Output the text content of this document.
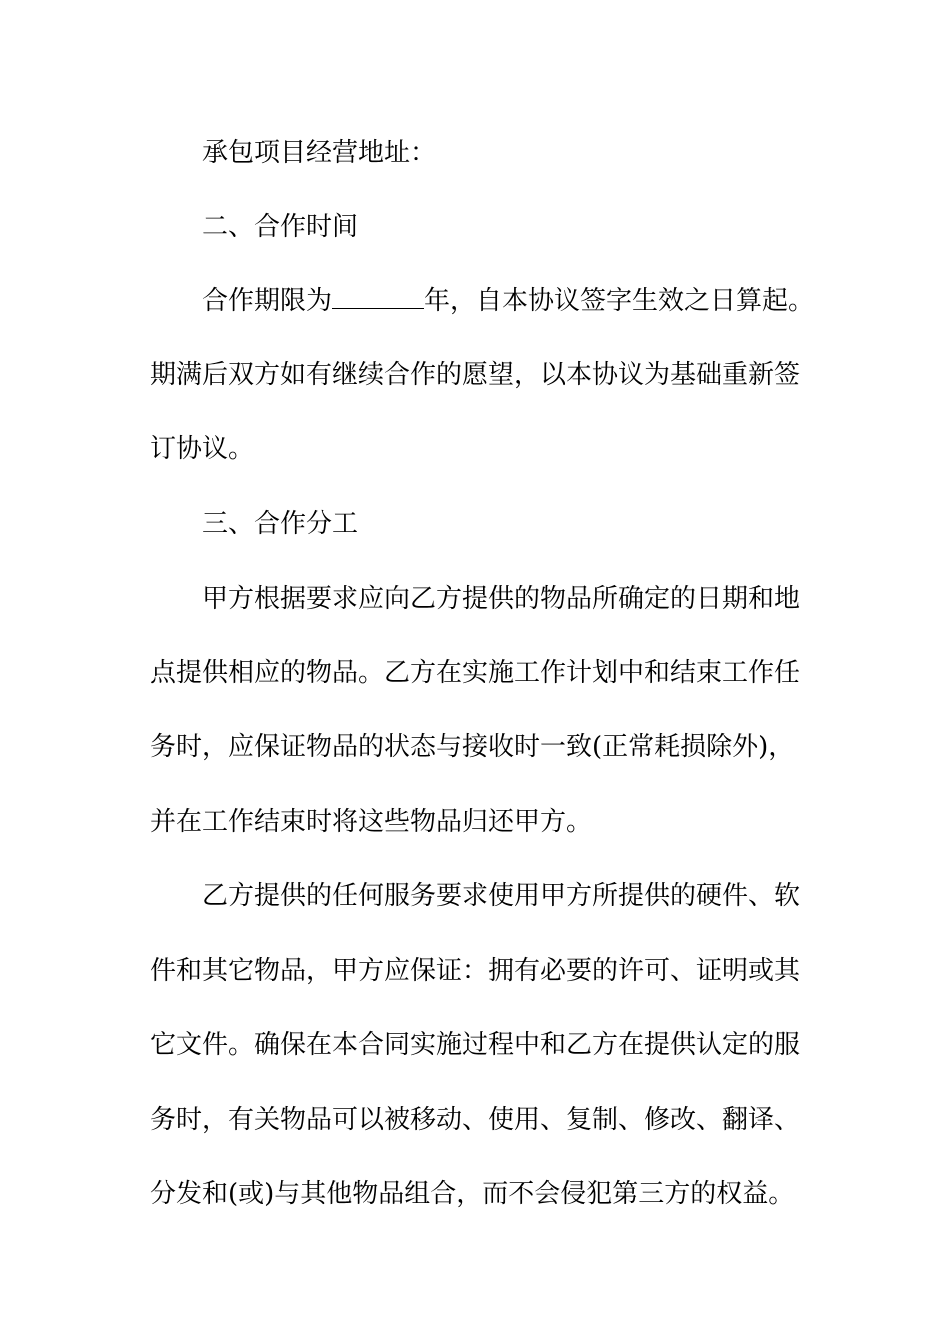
承包项目经营地址：

二、合作时间

合作期限为	年，自本协议签字生效之日算起。

期满后双方如有继续合作的愿望，以本协议为基础重新签

订协议。

三、合作分工

甲方根据要求应向乙方提供的物品所确定的日期和地

点提供相应的物品。乙方在实施工作计划中和结束工作任

务时，应保证物品的状态与接收时一致(正常耗损除外)，

并在工作结束时将这些物品归还甲方。

乙方提供的任何服务要求使用甲方所提供的硬件、软

件和其它物品，甲方应保证：拥有必要的许可、证明或其

它文件。确保在本合同实施过程中和乙方在提供认定的服

务时，有关物品可以被移动、使用、复制、修改、翻译、

分发和(或)与其他物品组合，而不会侵犯第三方的权益。
